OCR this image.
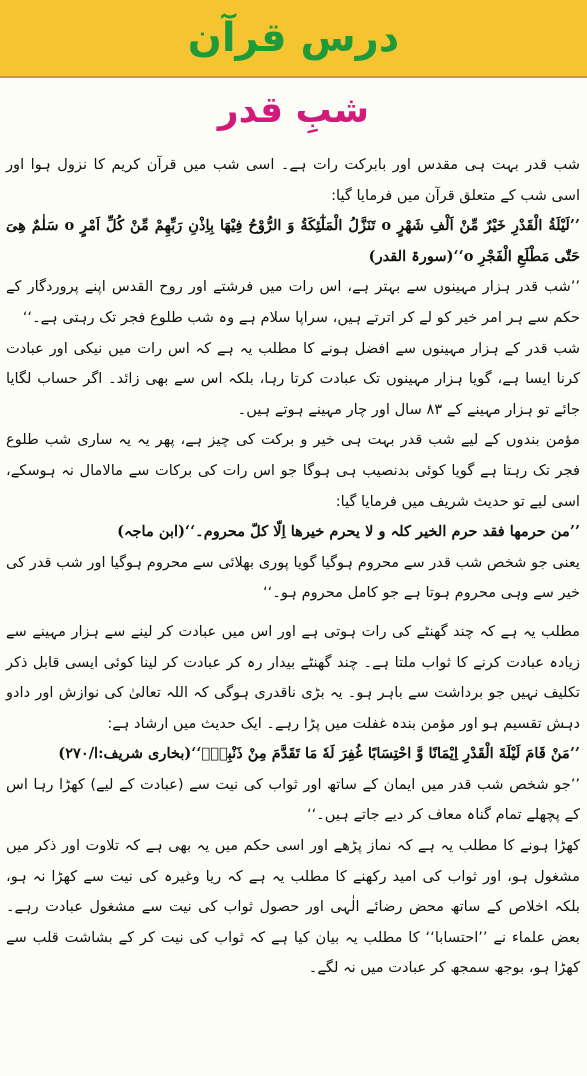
درس قرآن
شبِ قدر

شب قدر بہت ہی مقدس اور بابرکت رات ہے۔ اسی شب میں قرآن کریم کا نزول ہوا اور اسی شب کے متعلق قرآن میں فرمایا گیا:

’’لَیْلَةُ الْقَدْرِ خَیْرٌ مِّنْ اَلْفِ شَھْرٍ o تَنَزَّلُ الْمَلٰٓئِکَةُ وَ الرُّوْحُ فِیْھَا بِاِذْنِ رَبِّھِمْ مِّنْ کُلِّ اَمْرٍ o سَلٰمٌ ھِیَ حَتّٰی مَطْلَعِ الْفَجْرِ o‘‘(سورۃ القدر)

’’شب قدر ہزار مہینوں سے بہتر ہے، اس رات میں فرشتے اور روح القدس اپنے پروردگار کے حکم سے ہر امر خیر کو لے کر اترتے ہیں، سراپا سلام ہے وہ شب طلوع فجر تک رہتی ہے۔‘‘

شب قدر کے ہزار مہینوں سے افضل ہونے کا مطلب یہ ہے کہ اس رات میں نیکی اور عبادت کرنا ایسا ہے، گویا ہزار مہینوں تک عبادت کرتا رہا، بلکہ اس سے بھی زائد۔ اگر حساب لگایا جائے تو ہزار مہینے کے ۸۳ سال اور چار مہینے ہوتے ہیں۔

مؤمن بندوں کے لیے شب قدر بہت ہی خیر و برکت کی چیز ہے، پھر یہ یہ ساری شب طلوع فجر تک رہتا ہے گویا کوئی بدنصیب ہی ہوگا جو اس رات کی برکات سے مالامال نہ ہوسکے، اسی لیے تو حدیث شریف میں فرمایا گیا:

’’من حرمھا فقد حرم الخیر کلہ و لا یحرم خیرھا اِلّا کلّ محروم۔‘‘(ابن ماجہ)

یعنی جو شخص شب قدر سے محروم ہوگیا گویا پوری بھلائی سے محروم ہوگیا اور شب قدر کی خیر سے وہی محروم ہوتا ہے جو کامل محروم ہو۔‘‘

مطلب یہ ہے کہ چند گھنٹے کی رات ہوتی ہے اور اس میں عبادت کر لینے سے ہزار مہینے سے زیادہ عبادت کرنے کا ثواب ملتا ہے۔ چند گھنٹے بیدار رہ کر عبادت کر لینا کوئی ایسی قابل ذکر تکلیف نہیں جو برداشت سے باہر ہو۔ یہ بڑی ناقدری ہوگی کہ اللہ تعالیٰ کی نوازش اور دادو دہش تقسیم ہو اور مؤمن بندہ غفلت میں پڑا رہے۔ ایک حدیث میں ارشاد ہے:

’’مَنْ قَامَ لَیْلَةَ الْقَدْرِ اِیْمَانًا وَّ احْتِسَابًا غُفِرَ لَهٗ مَا تَقَدَّمَ مِنْ ذَنْبِهٖ۔‘‘(بخاری شریف:ا/۲۷۰)

’’جو شخص شب قدر میں ایمان کے ساتھ اور ثواب کی نیت سے (عبادت کے لیے) کھڑا رہا اس کے پچھلے تمام گناہ معاف کر دیے جاتے ہیں۔‘‘

کھڑا ہونے کا مطلب یہ ہے کہ نماز پڑھے اور اسی حکم میں یہ بھی ہے کہ تلاوت اور ذکر میں مشغول ہو، اور ثواب کی امید رکھنے کا مطلب یہ ہے کہ ریا وغیرہ کی نیت سے کھڑا نہ ہو، بلکہ اخلاص کے ساتھ محض رضائے الٰہی اور حصول ثواب کی نیت سے مشغول عبادت رہے۔ بعض علماء نے ’’احتسابا‘‘ کا مطلب یہ بیان کیا ہے کہ ثواب کی نیت کر کے بشاشت قلب سے کھڑا ہو، بوجھ سمجھ کر عبادت میں نہ لگے۔
